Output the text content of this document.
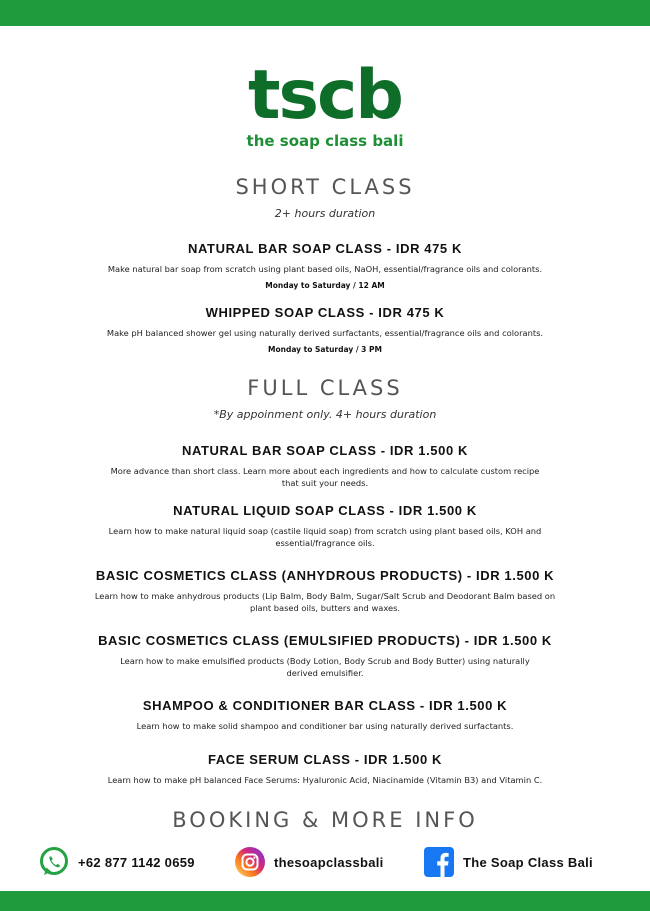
tscb
the soap class bali
SHORT CLASS
2+ hours duration
NATURAL BAR SOAP CLASS - IDR 475 K
Make natural bar soap from scratch using plant based oils, NaOH, essential/fragrance oils and colorants.
Monday to Saturday / 12 AM
WHIPPED SOAP CLASS - IDR 475 K
Make pH balanced shower gel using naturally derived surfactants, essential/fragrance oils and colorants.
Monday to Saturday / 3 PM
FULL CLASS
*By appoinment only. 4+ hours duration
NATURAL BAR SOAP CLASS - IDR 1.500 K
More advance than short class. Learn more about each ingredients and how to calculate custom recipe that suit your needs.
NATURAL LIQUID SOAP CLASS - IDR 1.500 K
Learn how to make natural liquid soap (castile liquid soap) from scratch using plant based oils, KOH and essential/fragrance oils.
BASIC COSMETICS CLASS (ANHYDROUS PRODUCTS) - IDR 1.500 K
Learn how to make anhydrous products (Lip Balm, Body Balm, Sugar/Salt Scrub and Deodorant Balm based on plant based oils, butters and waxes.
BASIC COSMETICS CLASS (EMULSIFIED PRODUCTS) - IDR 1.500 K
Learn how to make emulsified products (Body Lotion, Body Scrub and Body Butter) using naturally derived emulsifier.
SHAMPOO & CONDITIONER BAR CLASS - IDR 1.500 K
Learn how to make solid shampoo and conditioner bar using naturally derived surfactants.
FACE SERUM CLASS - IDR 1.500 K
Learn how to make pH balanced Face Serums: Hyaluronic Acid, Niacinamide (Vitamin B3) and Vitamin C.
BOOKING & MORE INFO
+62 877 1142 0659	thesoapclassbali	The Soap Class Bali
